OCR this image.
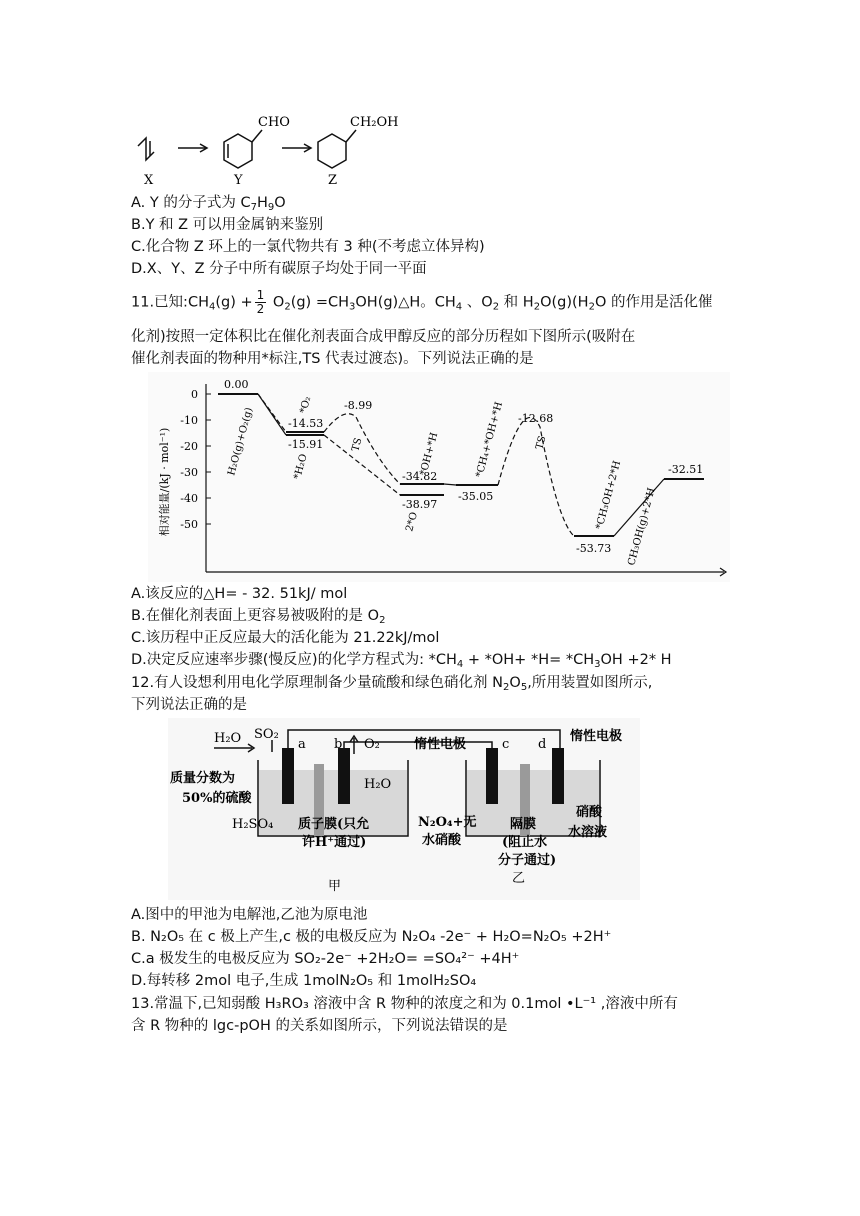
CHO	CH₂OH
X	Y	Z
A. Y 的分子式为 $C_7H_9O$
B.Y 和 Z 可以用金属钠来鉴别
C.化合物 Z 环上的一氯代物共有 3 种(不考虑立体异构)
D.X、Y、Z 分子中所有碳原子均处于同一平面
11.已知$:CH_4(g) + \frac{1}{2} O_2(g)$ $=CH_3OH(g)\triangle H$。$CH_4$ 、$O_2$ 和 $H_2O(g)(H_2O$ 的作用是活化催
化剂)按照一定体积比在催化剂表面合成甲醇反应的部分历程如下图所示(吸附在
催化剂表面的物种用*标注,TS 代表过渡态)。下列说法正确的是
0
-10
-20
-30
-40
-50
相对能量/(kJ · mol⁻¹)
0.00
-14.53
-8.99
-15.91
-34.82
-38.97
-35.05
-12.68
-53.73
-32.51
H₂O(g)+O₂(g)
*O₂
*H₂O
TS
2*O
*OH+*H	*CH₄+*OH+*H	TS
*CH₃OH+2*H CH₃OH(g)+2*H
A.该反应的△H= - 32. 51kJ/ mol
B.在催化剂表面上更容易被吸附的是 $O_2$
C.该历程中正反应最大的活化能为 21.22kJ/mol
D.决定反应速率步骤(慢反应)的化学方程式为: $*CH_4 + *OH+ *H= *CH_3OH +2*$ H
12.有人设想利用电化学原理制备少量硫酸和绿色硝化剂 $N_2O_5$,所用装置如图所示,
下列说法正确的是
H₂O SO₂
a b O₂	惰性电极	c d
惰性电极
质量分数为
50%的硫酸
H₂O
H₂SO₄ 质子膜(只允
许H⁺通过)
N₂O₄+无
水硝酸
隔膜
(阻止水
分子通过)
硝酸
水溶液
甲
乙
A.图中的甲池为电解池,乙池为原电池
B. N₂O₅ 在 c 极上产生,c 极的电极反应为 N₂O₄ -2e⁻ + H₂O=N₂O₅ +2H⁺
C.a 极发生的电极反应为 SO₂-2e⁻ +2H₂O= =SO₄²⁻ +4H⁺
D.每转移 2mol 电子,生成 1molN₂O₅ 和 1molH₂SO₄
13.常温下,已知弱酸 H₃RO₃ 溶液中含 R 物种的浓度之和为 0.1mol •L⁻¹ ,溶液中所有
含 R 物种的 lgc-pOH 的关系如图所示，下列说法错误的是
